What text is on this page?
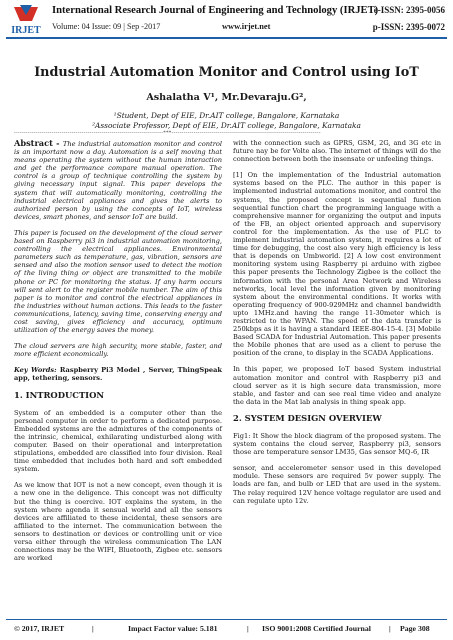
IRJET
International Research Journal of Engineering and Technology (IRJET)
e-ISSN: 2395-0056
Volume: 04 Issue: 09 | Sep -2017	www.irjet.net	p-ISSN: 2395-0072
Industrial Automation Monitor and Control using IoT
Ashalatha V¹, Mr.Devaraju.G²,
¹Student, Dept of EIE, Dr.AIT college, Bangalore, Karnataka
²Associate Professor, Dept of EIE, Dr.AIT college, Bangalore, Karnataka
---------------------------------------------------------------------------***---------------------------------------------------------------------------

Abstract - The industrial automation monitor and control is an important now a day. Automation is a self moving that means operating the system without the human interaction and get the performance compare manual operation. The control is a group of technique controlling the system by giving necessary input signal. This paper develops the system that will automatically monitoring, controlling the industrial electrical appliances and gives the alerts to authorized person by using the concepts of IoT, wireless devices, smart phones, and sensor IoT are build.

This paper is focused on the development of the cloud server based on Raspberry pi3 in industrial automation monitoring, controlling the electrical appliances. Environmental parameters such as temperature, gas, vibration, sensors are sensed and also the motion sensor used to detect the motion of the living thing or object are transmitted to the mobile phone or PC for monitoring the status. If any harm occurs will sent alert to the register mobile number. The aim of this paper is to monitor and control the electrical appliances in the industries without human actions. This leads to the faster communications, latency, saving time, conserving energy and cost saving, gives efficiency and accuracy, optimum utilization of the energy saves the money.

The cloud servers are high security, more stable, faster, and more efficient economically.

Key Words: Raspberry Pi3 Model , Server, ThingSpeak app, tethering, sensors.

1. INTRODUCTION

System of an embedded is a computer other than the personal computer in order to perform a dedicated purpose. Embedded systems are the admixtures of the components of the intrinsic, chemical, exhilarating undisturbed along with computer. Based on their operational and interpretation stipulations, embedded are classified into four division. Real time embedded that includes both hard and soft embedded system.

As we know that IOT is not a new concept, even though it is a new one in the deligence. This concept was not difficulty but the thing is coercive. IOT explains the system, in the system where agenda it sensual world and all the sensors devices are affiliated to these incidental, these sensors are affiliated to the internet. The communication between the sensors to destination or devices or controlling unit or vice versa either through the wireless communication The LAN connections may be the WIFI, Bluetooth, Zigbee etc. sensors are worked

with the connection such as GPRS, GSM, 2G, and 3G etc in future nay be for Volte also. The internet of things will do the connection between both the insensate or unfeeling things.

[1] On the implementation of the Industrial automation systems based on the PLC. The author in this paper is implemented industrial automations monitor, and control the systems, the proposed concept is sequential function sequential function chart the programming language with a comprehensive manner for organizing the output and inputs of the FB, an object oriented approach and supervisory control for the implementation. As the use of PLC to implement industrial automation system, it requires a lot of time for debugging, the cost also very high efficiency is less that is depends on Umbworld. [2] A low cost environment monitoring system using Raspberry pi arduino with zigbee this paper presents the Technology Zigbee is the collect the information with the personal Area Network and Wireless networks, local level the information given by monitoring system about the environmental conditions. It works with operating frequency of 900-929MHz and channel bandwidth upto 1MHz.and having the range 11-30meter which is restricted to the WPAN. The speed of the data transfer is 250kbps as it is having a standard IEEE-804-15-4. [3] Mobile Based SCADA for Industrial Automation. This paper presents the Mobile phones that are used as a client to peruse the position of the crane, to display in the SCADA Applications.

In this paper, we proposed IoT based System industrial automation monitor and control with Raspberry pi3 and cloud server as it is high secure data transmission, more stable, and faster and can see real time video and analyze the data in the Mat lab analysis in thing speak app.

2. SYSTEM DESIGN OVERVIEW

Fig1: It Show the block diagram of the proposed system. The system contains the cloud server, Raspberry pi3, sensors those are temperature sensor LM35, Gas sensor MQ-6, IR

sensor, and accelerometer sensor used in this developed module. These sensors are required 5v power supply. The loads are fan, and bulb or LED that are used in the system. The relay required 12V hence voltage regulator are used and can regulate upto 12v.

© 2017, IRJET	|	Impact Factor value: 5.181	| ISO 9001:2008 Certified Journal | Page 308
